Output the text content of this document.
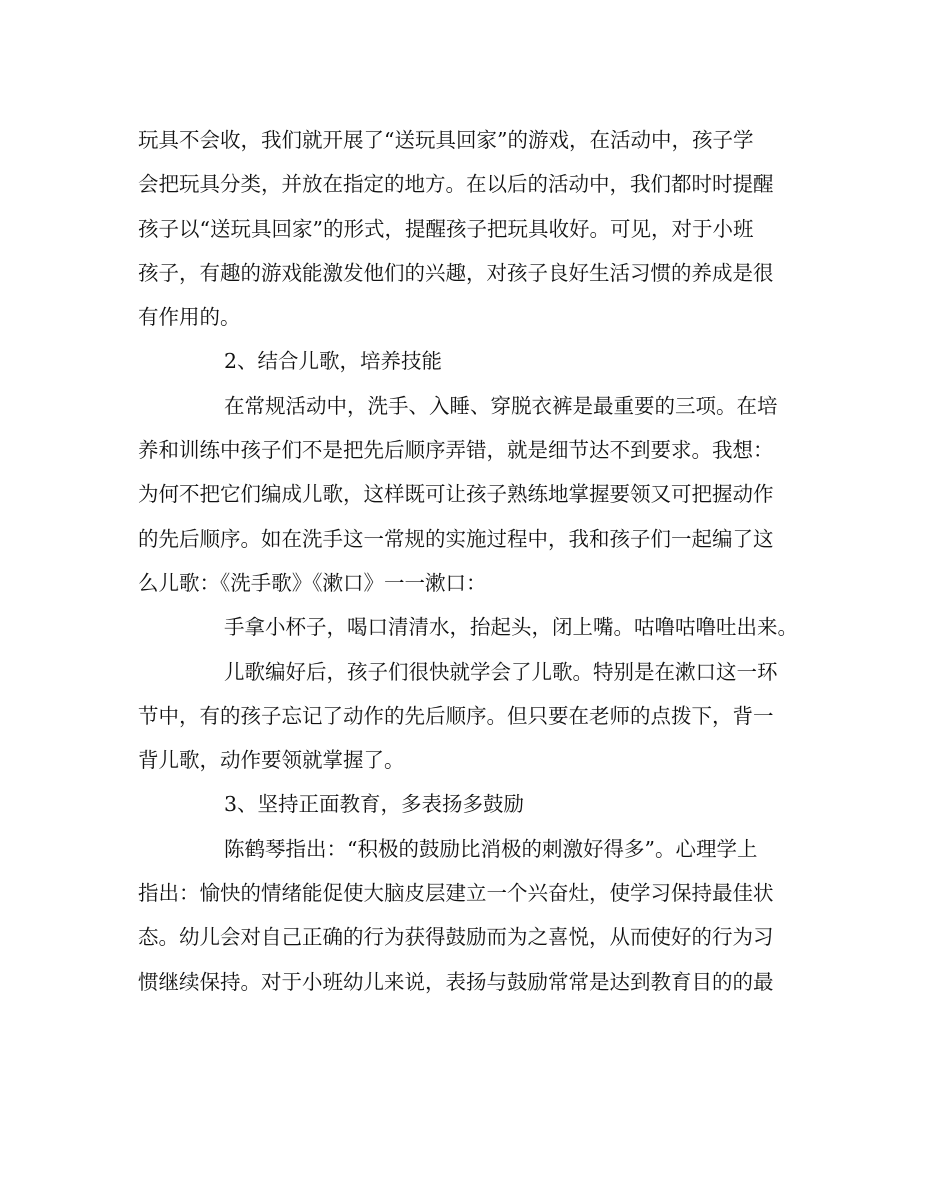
玩具不会收，我们就开展了“送玩具回家”的游戏，在活动中，孩子学
会把玩具分类，并放在指定的地方。在以后的活动中，我们都时时提醒
孩子以“送玩具回家”的形式，提醒孩子把玩具收好。可见，对于小班
孩子，有趣的游戏能激发他们的兴趣，对孩子良好生活习惯的养成是很
有作用的。
2、结合儿歌，培养技能
在常规活动中，洗手、入睡、穿脱衣裤是最重要的三项。在培
养和训练中孩子们不是把先后顺序弄错，就是细节达不到要求。我想：
为何不把它们编成儿歌，这样既可让孩子熟练地掌握要领又可把握动作
的先后顺序。如在洗手这一常规的实施过程中，我和孩子们一起编了这
么儿歌：《洗手歌》《漱口》一一漱口：
手拿小杯子，喝口清清水，抬起头，闭上嘴。咕噜咕噜吐出来。
儿歌编好后，孩子们很快就学会了儿歌。特别是在漱口这一环
节中，有的孩子忘记了动作的先后顺序。但只要在老师的点拨下，背一
背儿歌，动作要领就掌握了。
3、坚持正面教育，多表扬多鼓励
陈鹤琴指出：“积极的鼓励比消极的刺激好得多”。心理学上
指出：愉快的情绪能促使大脑皮层建立一个兴奋灶，使学习保持最佳状
态。幼儿会对自己正确的行为获得鼓励而为之喜悦，从而使好的行为习
惯继续保持。对于小班幼儿来说，表扬与鼓励常常是达到教育目的的最
